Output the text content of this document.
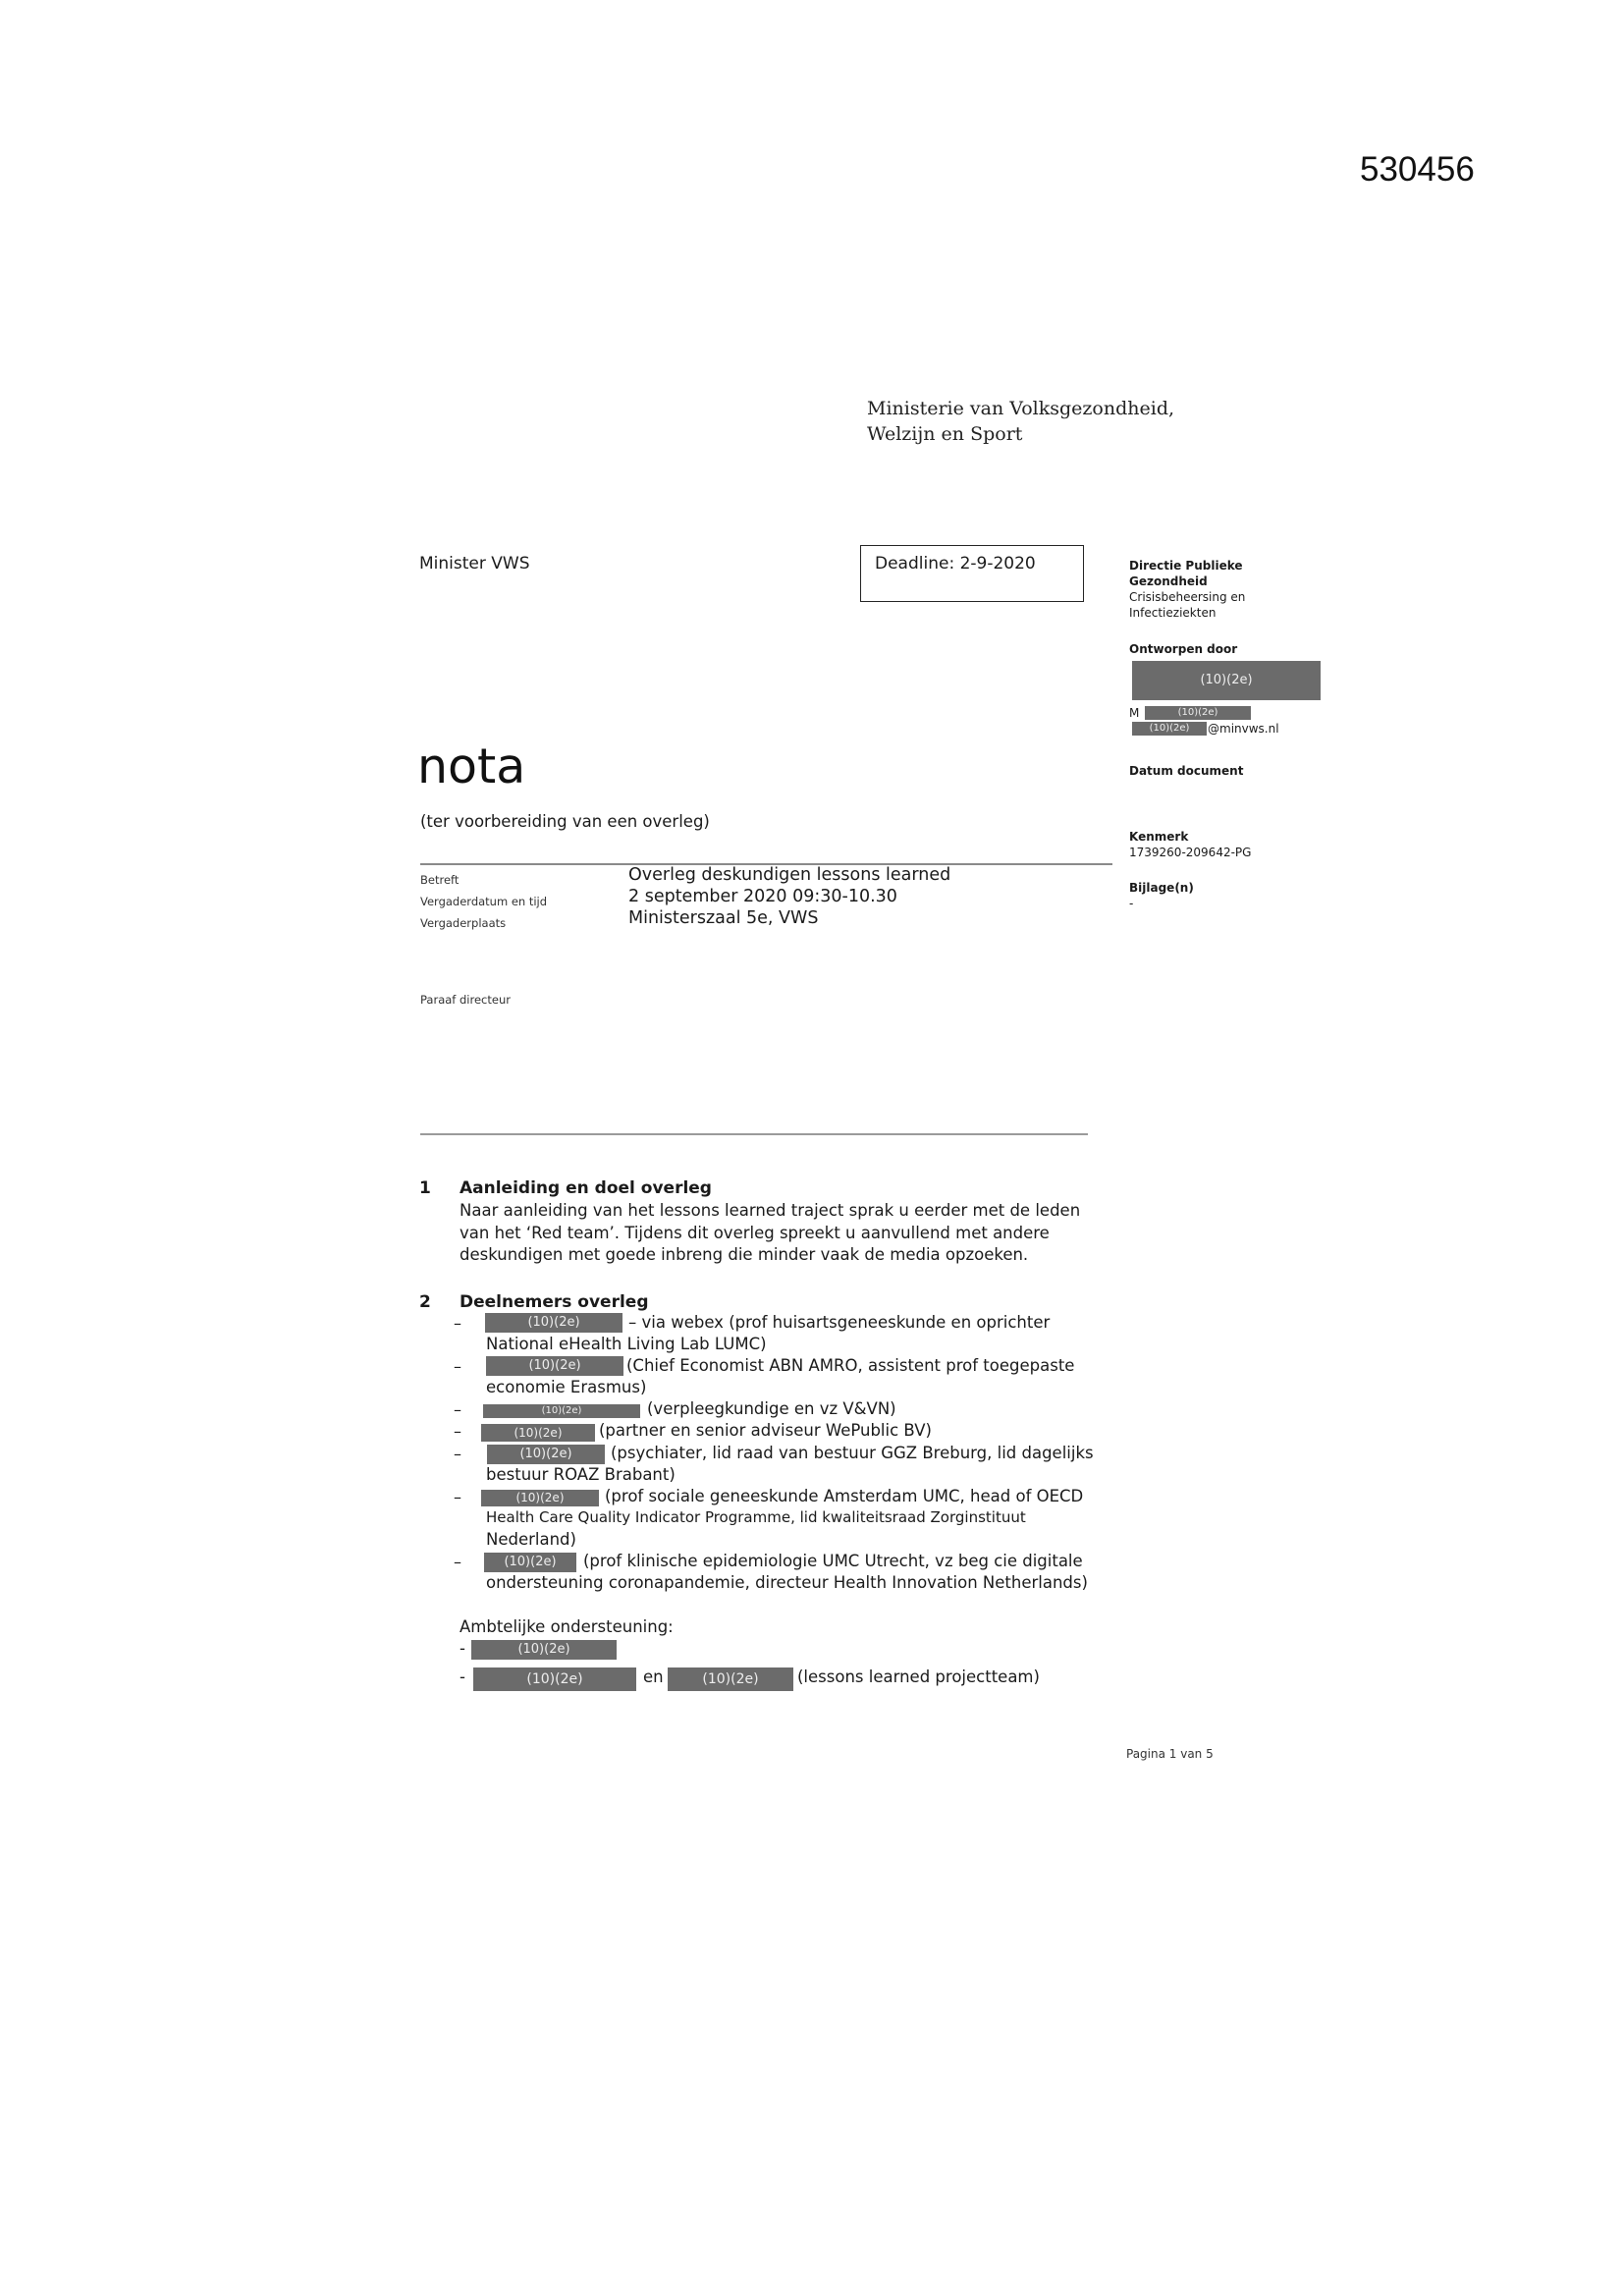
530456
Ministerie van Volksgezondheid,
Welzijn en Sport
Minister VWS	Deadline: 2-9-2020	Directie Publieke
Gezondheid
Crisisbeheersing en
Infectieziekten
Ontworpen door
(10)(2e)
M	(10)(2e)
(10)(2e)	@minvws.nl
Datum document
Kenmerk
1739260-209642-PG
Bijlage(n)
-
nota
(ter voorbereiding van een overleg)
Betreft	Overleg deskundigen lessons learned
Vergaderdatum en tijd	2 september 2020 09:30-10.30
Vergaderplaats	Ministerszaal 5e, VWS
Paraaf directeur
1 Aanleiding en doel overleg
Naar aanleiding van het lessons learned traject sprak u eerder met de leden
van het ‘Red team’. Tijdens dit overleg spreekt u aanvullend met andere
deskundigen met goede inbreng die minder vaak de media opzoeken.
2 Deelnemers overleg
–	(10)(2e)	– via webex (prof huisartsgeneeskunde en oprichter
National eHealth Living Lab LUMC)
–	(10)(2e)	(Chief Economist ABN AMRO, assistent prof toegepaste
economie Erasmus)
–	(10)(2e)	(verpleegkundige en vz V&VN)
–	(10)(2e)	(partner en senior adviseur WePublic BV)
–	(10)(2e)	(psychiater, lid raad van bestuur GGZ Breburg, lid dagelijks
bestuur ROAZ Brabant)
–	(10)(2e)	(prof sociale geneeskunde Amsterdam UMC, head of OECD
Health Care Quality Indicator Programme, lid kwaliteitsraad Zorginstituut
Nederland)
–	(10)(2e)	(prof klinische epidemiologie UMC Utrecht, vz beg cie digitale
ondersteuning coronapandemie, directeur Health Innovation Netherlands)
Ambtelijke ondersteuning:
-	(10)(2e)
-	(10)(2e)	en	(10)(2e)	(lessons learned projectteam)
Pagina 1 van 5
